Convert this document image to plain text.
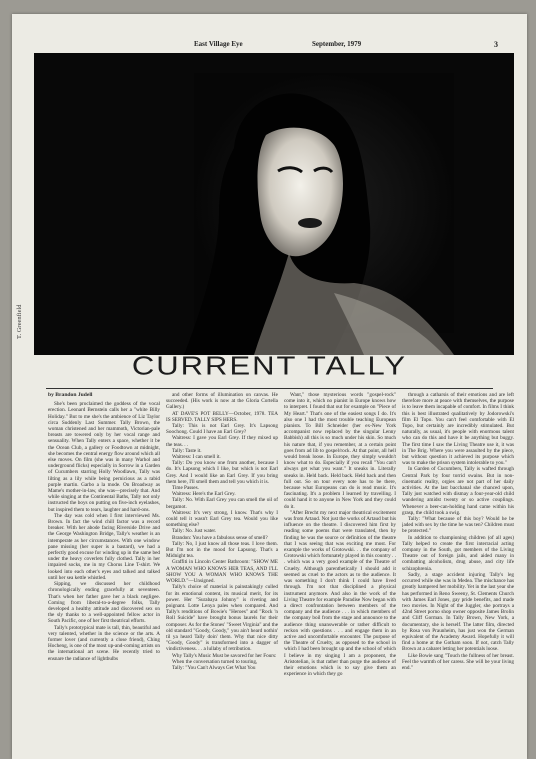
East Village Eye	September, 1979	3
T. Greenfield
CURRENT TALLY

by Brandon Judell

She's been proclaimed the goddess of the vocal erection. Leonard Bernstein calls her a "white Billy Holiday." But to me she's the ambience of Liz Taylor circa Suddenly Last Summer. Tally Brown, the woman christened and her mammoth, Victorian-pale breasts are towered only by her vocal range and sensuality. When Tally enters a space, whether it be the Ocean Club, a gallery or Foodtown at midnight, she becomes the central energy flow around which all else moves. On film (she was in many Warhol and underground flicks) especially in Sorrow in a Garden of Cucumbers starring Holly Woodlawn, Tally was lilting as a lily while being pernicious as a rabid purple martin. Garbo a la mode. On Broadway as Mame's mother-in-law, she was—precisely that. And while singing at the Continental Baths, Tally not only instructed the boys on putting on five-inch eyelashes, but inspired them to tears, laughter and hard-ons.

The day was cold when I first interviewed Ms. Brown. In fact the wind chill factor was a record breaker. With her abode facing Riverside Drive and the George Washington Bridge, Tally's weather is an intemperate as her circumstances. With one window pane missing (her super is a bastard), we had a perfectly good excuse for winding up in the same bed under the heavy coverlets fully clothed. Tally in her impaired socks, me in my Chorus Line T-shirt. We looked into each other's eyes and talked and talked until her sea kettle whistled.

Sipping, we discussed her childhood chronologically ending gracefully at seventeen. That's when her father gave her a black negligee. Coming from liberal-to-a-degree folks, Tally developed a healthy attitude and discovered sex on the sly thanks to a well-appointed fellow actor in South Pacific, one of her first theatrical efforts.

Tally's prototypical mate is tall, thin, beautiful and very talented, whether in the science or the arts. A former lover (and currently a close friend), Ching Hocheng, is one of the most up-and-coming artists on the international art scene. He recently tried to ensnare the radiance of lightbulbs

and other forms of illumination on canvas. He succeeded. (His work is now at the Gloria Cortella Gallery.)

AT DAVE'S POT BELLY—October, 1978. TEA IS SERVED. TALLY SIPS HERS.

Tally: This is not Earl Grey. It's Lapsong Soochong. Could I have an Earl Grey?

Waitress: I gave you Earl Grey. If they mixed up the teas. . .

Tally: Taste it.

Waitress: I can smell it.

Tally: Do you know one from another, because I do. It's Lapsong which I like, but which is not Earl Grey. And I would like an Earl Grey. If you bring them here, I'll smell them and tell you which it is.

Time Passes.

Waitress: Here's the Earl Grey.

Tally: No. With Earl Grey you can smell the oil of bergamot.

Waitress: It's very strong, I know. That's why I could tell it wasn't Earl Grey tea. Would you like something else?

Tally: No. Just water.

Brandon: You have a fabulous sense of smell?

Tally: No, I just know all those teas. I love them. But I'm not in the mood for Lapsong. That's a Midnight tea.

Graffiti in Lincoln Center Bathroom: "SHOW ME A WOMAN WHO KNOWS HER TEAS, AND I'LL SHOW YOU A WOMAN WHO KNOWS THE WORLD."—Unsigned.

Tally's choice of material is painstakingly culled for its emotional content, its musical merit, for its power. Her "Surabaya Johnny" is riveting and poignant. Lotte Lenya pales when compared. And Tally's renditions of Bowie's "Heroes" and "Rock 'n Roll Suicide" have brought bonus laurels for their composer. As for the Stones' "Sweet Virginia" and the old standard "Goody, Goody," you ain't heard nothin' til ya heard Tally doin' them. Why that nice ditty "Goody, Goody" is transformed into a dagger of vindictiveness. . . a lullaby of retribution.

Why Tally's Music Must be savored for her Fours:

When the conversation turned to touring,

Tally: "You Can't Always Get What You

Want," those mysterious words "gospel-rock" come into it, which no pianist in Europe knows how to interpret. I found that out for example on "Piece of My Heart." That's one of the easiest songs I do. It's also one I had the most trouble teaching European pianists. To Bill Schneider (her ex-New York accompanist now replaced by the singular Lenny Babbish) all this is so much under his skin. So much his nature that, if you remember, at a certain point goes from ad lib to gospel/rock. At that point, all hell would break loose. In Europe, they simply wouldn't know what to do. Especially if you recall "You can't always get what you want." It sneaks in. Literally sneaks in. Held back. Held back. Held back and then full out. So on tour every note has to be there, because what Europeans can do is read music. It's fascinating. It's a problem I learned by travelling. I could hand it to anyone in New York and they could do it.

"After Brecht my next major theatrical excitement was from Artaud. Not just the works of Artaud but his influence on the theatre. I discovered him first by reading some poems that were translated, then by finding he was the source or definition of the theatre that I was seeing that was exciting me most. For example the works of Grotowski. . . the company of Grotowski which fortunately played in this country . . . which was a very good example of the Theatre of Cruelty. Although parenthetically I should add it seemed as cruel to the actors as to the audience. It was something I don't think I could have lived through. I'm not that disciplined a physical instrument anymore. And also in the work of the Living Theatre for example Paradise Now began with a direct confrontation between members of the company and the audience . . . in which members of the company boil from the stage and announce to the audience thing unanswerable or rather difficult to reckon with questions . . . and engage them in an active and uncomfortable encounter. The purpose of the Theatre of Cruelty, as opposed to the school in which I had been brought up and the school of which I believe in my singing I am a proponent, the Aristotelian, is that rather than purge the audience of their emotions which is to say give them an experience in which they go

through a catharsis of their emotions and are left therefore more at peace with themselves, the purpose is to leave them incapable of comfort. In films I think this is best illustrated qualitatively by Jodorowski's film El Topo. You can't feel comfortable with El Topo, but certainly are incredibly stimulated. But naturally, as usual, it's people with enormous talent who can do this and have it be anything but buggy. The first time I saw the Living Theatre use it, it was in The Brig. Where you were assaulted by the piece, but without question it achieved its purpose which was to make the prison system intolerable to you."

In Garden of Cucumbers, Tally is wafted through Central Park by four torrid swains. But in non-cinematic reality, orgies are not part of her daily activities. At the last bacchanal she chanced upon, Tally just watched with dismay a four-year-old child wandering amidst twenty or so active couplings. Whenever a beer-can-holding hand came within his grasp, the child took a swig.

Tally: "What because of this boy? Would he be jaded with sex by the time he was ten? Children must be protected."

In addition to championing children (of all ages) Tally helped to create the first interracial acting company in the South, got members of the Living Theatre out of foreign jails, and aided many in combatting alcoholism, drug abuse, and city life schizophrenia.

Sadly, a stage accident injuring Tally's leg occurred while she was in Medea. The mischance has greatly hampered her mobility. Yet in the last year she has performed in Reno Sweeny, St. Clements Church with James Earl Jones, gay pride benefits, and made two movies. In Night of the Juggler, she portrays a 42nd Street porno shop owner opposite James Brolin and Cliff Gorman. In Tally Brown, New York, a documentary, she is herself. The latter film, directed by Rosa von Praunheim, has just won the German equivalent of the Academy Award. Hopefully it will find a home at the Gotham soon. If not, catch Tally Brown at a cabaret letting her potentials loose.

Like Bowie sang "Touch the fullness of her breast. Feel the warmth of her caress. She will be your living end."
